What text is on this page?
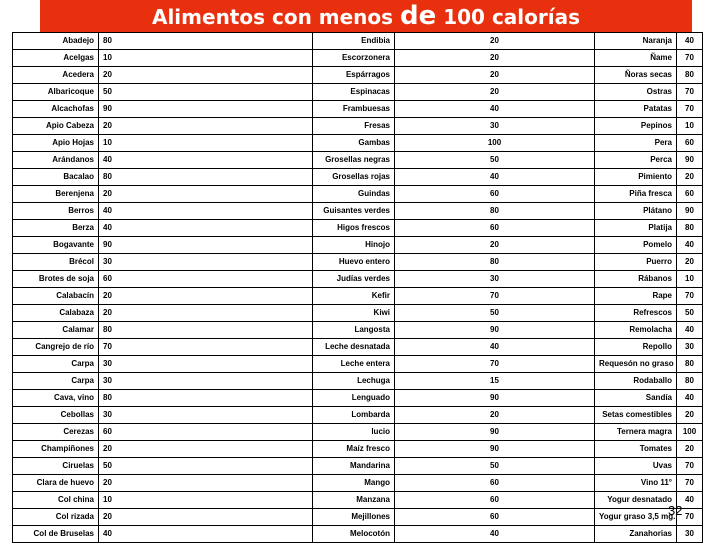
Alimentos con menos de 100 calorías
Abadejo	80	Endibia	20	Naranja	40
Acelgas	10	Escorzonera	20	Ñame	70
Acedera	20	Espárragos	20	Ñoras secas	80
Albaricoque	50	Espinacas	20	Ostras	70
Alcachofas	90	Frambuesas	40	Patatas	70
Apio Cabeza	20	Fresas	30	Pepinos	10
Apio Hojas	10	Gambas	100	Pera	60
Arándanos	40	Grosellas negras	50	Perca	90
Bacalao	80	Grosellas rojas	40	Pimiento	20
Berenjena	20	Guindas	60	Piña fresca	60
Berros	40	Guisantes verdes	80	Plátano	90
Berza	40	Higos frescos	60	Platija	80
Bogavante	90	Hinojo	20	Pomelo	40
Brécol	30	Huevo entero	80	Puerro	20
Brotes de soja	60	Judías verdes	30	Rábanos	10
Calabacín	20	Kefir	70	Rape	70
Calabaza	20	Kiwi	50	Refrescos	50
Calamar	80	Langosta	90	Remolacha	40
Cangrejo de río	70	Leche desnatada	40	Repollo	30
Carpa	30	Leche entera	70	Requesón no graso	80
Carpa	30	Lechuga	15	Rodaballo	80
Cava, vino	80	Lenguado	90	Sandía	40
Cebollas	30	Lombarda	20	Setas comestibles	20
Cerezas	60	lucio	90	Ternera magra	100
Champiñones	20	Maíz fresco	90	Tomates	20
Ciruelas	50	Mandarina	50	Uvas	70
Clara de huevo	20	Mango	60	Vino 11°	70
Col china	10	Manzana	60	Yogur desnatado	40
Col rizada	20	Mejillones	60	Yogur graso 3,5 mg.	70
Col de Bruselas	40	Melocotón	40	Zanahorias	30
32
